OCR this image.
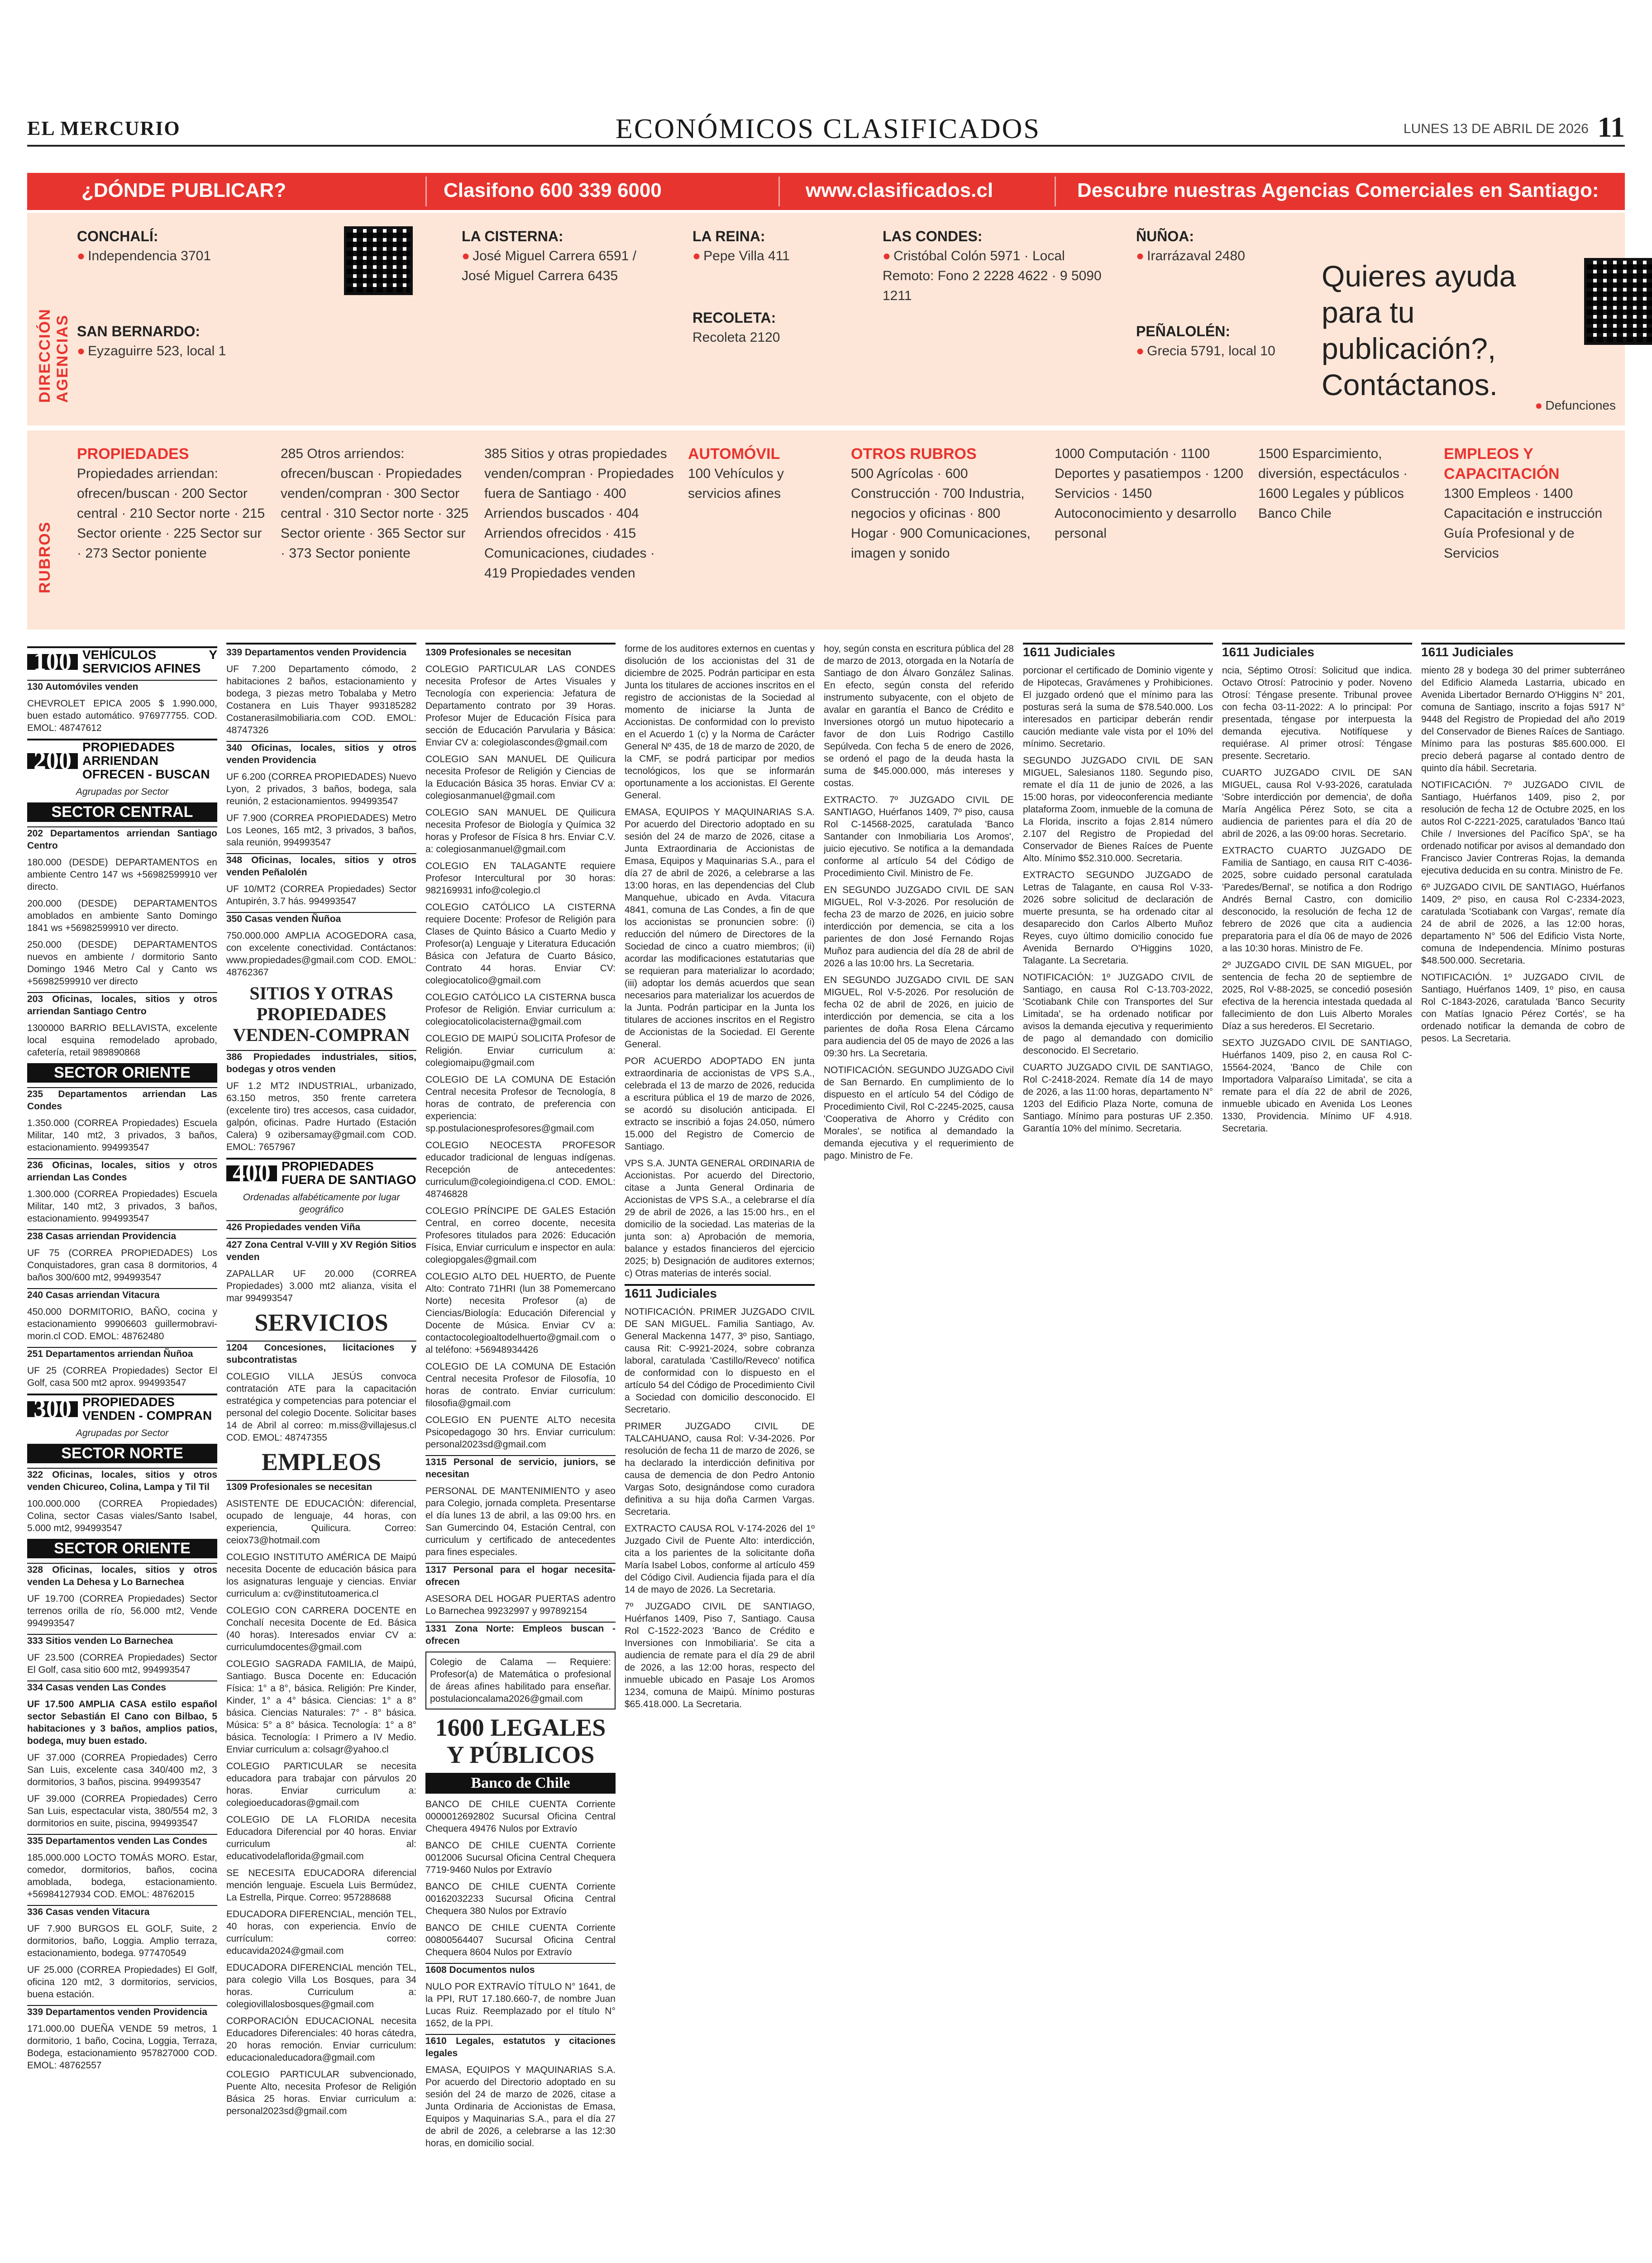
EL MERCURIO	ECONÓMICOS CLASIFICADOS	LUNES 13 DE ABRIL DE 2026 11
¿DÓNDE PUBLICAR?	Clasifono 600 339 6000	www.clasificados.cl	Descubre nuestras Agencias Comerciales en Santiago:
DIRECCIÓN AGENCIAS
CONCHALÍ:
● Independencia 3701
SAN BERNARDO:
● Eyzaguirre 523, local 1
LA CISTERNA:
● José Miguel Carrera 6591 / José Miguel Carrera 6435
LA REINA:
● Pepe Villa 411
RECOLETA:
Recoleta 2120
LAS CONDES:
● Cristóbal Colón 5971 · Local Remoto: Fono 2 2228 4622 · 9 5090 1211
ÑUÑOA:
● Irarrázaval 2480
PEÑALOLÉN:
● Grecia 5791, local 10
Quieres ayuda para tu publicación?, Contáctanos.
● Defunciones
RUBROS
PROPIEDADES
Propiedades arriendan: ofrecen/buscan · 200 Sector central · 210 Sector norte · 215 Sector oriente · 225 Sector sur · 273 Sector poniente
285 Otros arriendos: ofrecen/buscan · Propiedades venden/compran · 300 Sector central · 310 Sector norte · 325 Sector oriente · 365 Sector sur · 373 Sector poniente
385 Sitios y otras propiedades venden/compran · Propiedades fuera de Santiago · 400 Arriendos buscados · 404 Arriendos ofrecidos · 415 Comunicaciones, ciudades · 419 Propiedades venden
AUTOMÓVIL
100 Vehículos y servicios afines
OTROS RUBROS
500 Agrícolas · 600 Construcción · 700 Industria, negocios y oficinas · 800 Hogar · 900 Comunicaciones, imagen y sonido
1000 Computación · 1100 Deportes y pasatiempos · 1200 Servicios · 1450 Autoconocimiento y desarrollo personal
1500 Esparcimiento, diversión, espectáculos · 1600 Legales y públicos Banco Chile
EMPLEOS Y CAPACITACIÓN
1300 Empleos · 1400 Capacitación e instrucción Guía Profesional y de Servicios
100 VEHÍCULOS Y SERVICIOS AFINES

130 Automóviles venden

CHEVROLET EPICA 2005 $ 1.990.000, buen estado automático. 976977755. COD. EMOL: 48747612

200 PROPIEDADES ARRIENDAN OFRECEN - BUSCAN

Agrupadas por Sector

SECTOR CENTRAL

202 Departamentos arriendan Santiago Centro

180.000 (DESDE) DEPARTAMENTOS en ambiente Centro 147 ws +56982599910 ver directo.

200.000 (DESDE) DEPARTAMENTOS amoblados en ambiente Santo Domingo 1841 ws +56982599910 ver directo.

250.000 (DESDE) DEPARTAMENTOS nuevos en ambiente / dormitorio Santo Domingo 1946 Metro Cal y Canto ws +56982599910 ver directo

203 Oficinas, locales, sitios y otros arriendan Santiago Centro

1300000 BARRIO BELLAVISTA, excelente local esquina remodelado aprobado, cafetería, retail 989890868

SECTOR ORIENTE

235 Departamentos arriendan Las Condes

1.350.000 (CORREA Propiedades) Escuela Militar, 140 mt2, 3 privados, 3 baños, estacionamiento. 994993547

236 Oficinas, locales, sitios y otros arriendan Las Condes

1.300.000 (CORREA Propiedades) Escuela Militar, 140 mt2, 3 privados, 3 baños, estacionamiento. 994993547

238 Casas arriendan Providencia

UF 75 (CORREA PROPIEDADES) Los Conquistadores, gran casa 8 dormitorios, 4 baños 300/600 mt2, 994993547

240 Casas arriendan Vitacura

450.000 DORMITORIO, BAÑO, cocina y estacionamiento 99906603 guillermobravi-morin.cl COD. EMOL: 48762480

251 Departamentos arriendan Ñuñoa

UF 25 (CORREA Propiedades) Sector El Golf, casa 500 mt2 aprox. 994993547

300 PROPIEDADES VENDEN - COMPRAN

Agrupadas por Sector

SECTOR NORTE

322 Oficinas, locales, sitios y otros venden Chicureo, Colina, Lampa y Til Til

100.000.000 (CORREA Propiedades) Colina, sector Casas viales/Santo Isabel, 5.000 mt2, 994993547

SECTOR ORIENTE

328 Oficinas, locales, sitios y otros venden La Dehesa y Lo Barnechea

UF 19.700 (CORREA Propiedades) Sector terrenos orilla de río, 56.000 mt2, Vende 994993547

333 Sitios venden Lo Barnechea

UF 23.500 (CORREA Propiedades) Sector El Golf, casa sitio 600 mt2, 994993547

334 Casas venden Las Condes

UF 17.500 AMPLIA CASA estilo español sector Sebastián El Cano con Bilbao, 5 habitaciones y 3 baños, amplios patios, bodega, muy buen estado.

UF 37.000 (CORREA Propiedades) Cerro San Luis, excelente casa 340/400 m2, 3 dormitorios, 3 baños, piscina. 994993547

UF 39.000 (CORREA Propiedades) Cerro San Luis, espectacular vista, 380/554 m2, 3 dormitorios en suite, piscina, 994993547

335 Departamentos venden Las Condes

185.000.000 LOCTO TOMÁS MORO. Estar, comedor, dormitorios, baños, cocina amoblada, bodega, estacionamiento. +56984127934 COD. EMOL: 48762015

336 Casas venden Vitacura

UF 7.900 BURGOS EL GOLF, Suite, 2 dormitorios, baño, Loggia. Amplio terraza, estacionamiento, bodega. 977470549

UF 25.000 (CORREA Propiedades) El Golf, oficina 120 mt2, 3 dormitorios, servicios, buena estación.

339 Departamentos venden Providencia

171.000.00 DUEÑA VENDE 59 metros, 1 dormitorio, 1 baño, Cocina, Loggia, Terraza, Bodega, estacionamiento 957827000 COD. EMOL: 48762557

339 Departamentos venden Providencia

UF 7.200 Departamento cómodo, 2 habitaciones 2 baños, estacionamiento y bodega, 3 piezas metro Tobalaba y Metro Costanera en Luis Thayer 993185282 Costanerasilmobiliaria.com COD. EMOL: 48747326

340 Oficinas, locales, sitios y otros venden Providencia

UF 6.200 (CORREA PROPIEDADES) Nuevo Lyon, 2 privados, 3 baños, bodega, sala reunión, 2 estacionamientos. 994993547

UF 7.900 (CORREA PROPIEDADES) Metro Los Leones, 165 mt2, 3 privados, 3 baños, sala reunión, 994993547

348 Oficinas, locales, sitios y otros venden Peñalolén

UF 10/MT2 (CORREA Propiedades) Sector Antupirén, 3.7 hás. 994993547

350 Casas venden Ñuñoa

750.000.000 AMPLIA ACOGEDORA casa, con excelente conectividad. Contáctanos: www.propiedades@gmail.com COD. EMOL: 48762367

SITIOS Y OTRAS PROPIEDADES VENDEN-COMPRAN

386 Propiedades industriales, sitios, bodegas y otros venden

UF 1.2 MT2 INDUSTRIAL, urbanizado, 63.150 metros, 350 frente carretera (excelente tiro) tres accesos, casa cuidador, galpón, oficinas. Padre Hurtado (Estación Calera) 9 ozibersamay@gmail.com COD. EMOL: 7657967

400 PROPIEDADES FUERA DE SANTIAGO

Ordenadas alfabéticamente por lugar geográfico

426 Propiedades venden Viña

427 Zona Central V-VIII y XV Región Sitios venden

ZAPALLAR UF 20.000 (CORREA Propiedades) 3.000 mt2 alianza, visita el mar 994993547

SERVICIOS

1204 Concesiones, licitaciones y subcontratistas

COLEGIO VILLA JESÚS convoca contratación ATE para la capacitación estratégica y competencias para potenciar el personal del colegio Docente. Solicitar bases 14 de Abril al correo: m.miss@villajesus.cl COD. EMOL: 48747355

EMPLEOS

1309 Profesionales se necesitan

ASISTENTE DE EDUCACIÓN: diferencial, ocupado de lenguaje, 44 horas, con experiencia, Quilicura. Correo: ceiox73@hotmail.com

COLEGIO INSTITUTO AMÉRICA DE Maipú necesita Docente de educación básica para los asignaturas lenguaje y ciencias. Enviar curriculum a: cv@institutoamerica.cl

COLEGIO CON CARRERA DOCENTE en Conchalí necesita Docente de Ed. Básica (40 horas). Interesados enviar CV a: curriculumdocentes@gmail.com

COLEGIO SAGRADA FAMILIA, de Maipú, Santiago. Busca Docente en: Educación Física: 1° a 8°, básica. Religión: Pre Kinder, Kinder, 1° a 4° básica. Ciencias: 1° a 8° básica. Ciencias Naturales: 7° - 8° básica. Música: 5° a 8° básica. Tecnología: 1° a 8° básica. Tecnología: I Primero a IV Medio. Enviar curriculum a: colsagr@yahoo.cl

COLEGIO PARTICULAR se necesita educadora para trabajar con párvulos 20 horas. Enviar curriculum a: colegioeducadoras@gmail.com

COLEGIO DE LA FLORIDA necesita Educadora Diferencial por 40 horas. Enviar curriculum al: educativodelaflorida@gmail.com

SE NECESITA EDUCADORA diferencial mención lenguaje. Escuela Luis Bermúdez, La Estrella, Pirque. Correo: 957288688

EDUCADORA DIFERENCIAL, mención TEL, 40 horas, con experiencia. Envío de currículum: correo: educavida2024@gmail.com

EDUCADORA DIFERENCIAL mención TEL, para colegio Villa Los Bosques, para 34 horas. Curriculum a: colegiovillalosbosques@gmail.com

CORPORACIÓN EDUCACIONAL necesita Educadores Diferenciales: 40 horas cátedra, 20 horas remoción. Enviar curriculum: educacionaleducadora@gmail.com

COLEGIO PARTICULAR subvencionado, Puente Alto, necesita Profesor de Religión Básica 25 horas. Enviar curriculum a: personal2023sd@gmail.com

1309 Profesionales se necesitan

COLEGIO PARTICULAR LAS CONDES necesita Profesor de Artes Visuales y Tecnología con experiencia: Jefatura de Departamento contrato por 39 Horas. Profesor Mujer de Educación Física para sección de Educación Parvularia y Básica: Enviar CV a: colegiolascondes@gmail.com

COLEGIO SAN MANUEL DE Quilicura necesita Profesor de Religión y Ciencias de la Educación Básica 35 horas. Enviar CV a: colegiosanmanuel@gmail.com

COLEGIO SAN MANUEL DE Quilicura necesita Profesor de Biología y Química 32 horas y Profesor de Física 8 hrs. Enviar C.V. a: colegiosanmanuel@gmail.com

COLEGIO EN TALAGANTE requiere Profesor Intercultural por 30 horas: 982169931 info@colegio.cl

COLEGIO CATÓLICO LA CISTERNA requiere Docente: Profesor de Religión para Clases de Quinto Básico a Cuarto Medio y Profesor(a) Lenguaje y Literatura Educación Básica con Jefatura de Cuarto Básico, Contrato 44 horas. Enviar CV: colegiocatolico@gmail.com

COLEGIO CATÓLICO LA CISTERNA busca Profesor de Religión. Enviar curriculum a: colegiocatolicolacisterna@gmail.com

COLEGIO DE MAIPÚ SOLICITA Profesor de Religión. Enviar curriculum a: colegiomaipu@gmail.com

COLEGIO DE LA COMUNA DE Estación Central necesita Profesor de Tecnología, 8 horas de contrato, de preferencia con experiencia: sp.postulacionesprofesores@gmail.com

COLEGIO NEOCESTA PROFESOR educador tradicional de lenguas indígenas. Recepción de antecedentes: curriculum@colegioindigena.cl COD. EMOL: 48746828

COLEGIO PRÍNCIPE DE GALES Estación Central, en correo docente, necesita Profesores titulados para 2026: Educación Física, Enviar curriculum e inspector en aula: colegiopgales@gmail.com

COLEGIO ALTO DEL HUERTO, de Puente Alto: Contrato 71HRI (lun 38 Pomemercano Norte) necesita Profesor (a) de Ciencias/Biología: Educación Diferencial y Docente de Música. Enviar CV a: contactocolegioaltodelhuerto@gmail.com o al teléfono: +56948934426

COLEGIO DE LA COMUNA DE Estación Central necesita Profesor de Filosofía, 10 horas de contrato. Enviar curriculum: filosofia@gmail.com

COLEGIO EN PUENTE ALTO necesita Psicopedagogo 30 hrs. Enviar curriculum: personal2023sd@gmail.com

1315 Personal de servicio, juniors, se necesitan

PERSONAL DE MANTENIMIENTO y aseo para Colegio, jornada completa. Presentarse el día lunes 13 de abril, a las 09:00 hrs. en San Gumercindo 04, Estación Central, con curriculum y certificado de antecedentes para fines especiales.

1317 Personal para el hogar necesita-ofrecen

ASESORA DEL HOGAR PUERTAS adentro Lo Barnechea 99232997 y 997892154

1331 Zona Norte: Empleos buscan - ofrecen

Colegio de Calama — Requiere: Profesor(a) de Matemática o profesional de áreas afines habilitado para enseñar. postulacioncalama2026@gmail.com

1600 LEGALES Y PÚBLICOS

Banco de Chile

BANCO DE CHILE CUENTA Corriente 0000012692802 Sucursal Oficina Central Chequera 49476 Nulos por Extravío

BANCO DE CHILE CUENTA Corriente 0012006 Sucursal Oficina Central Chequera 7719-9460 Nulos por Extravío

BANCO DE CHILE CUENTA Corriente 00162032233 Sucursal Oficina Central Chequera 380 Nulos por Extravío

BANCO DE CHILE CUENTA Corriente 00800564407 Sucursal Oficina Central Chequera 8604 Nulos por Extravío

1608 Documentos nulos

NULO POR EXTRAVÍO TÍTULO N° 1641, de la PPI, RUT 17.180.660-7, de nombre Juan Lucas Ruiz. Reemplazado por el título N° 1652, de la PPI.

1610 Legales, estatutos y citaciones legales

EMASA, EQUIPOS Y MAQUINARIAS S.A. Por acuerdo del Directorio adoptado en su sesión del 24 de marzo de 2026, citase a Junta Ordinaria de Accionistas de Emasa, Equipos y Maquinarias S.A., para el día 27 de abril de 2026, a celebrarse a las 12:30 horas, en domicilio social.

forme de los auditores externos en cuentas y disolución de los accionistas del 31 de diciembre de 2025. Podrán participar en esta Junta los titulares de acciones inscritos en el registro de accionistas de la Sociedad al momento de iniciarse la Junta de Accionistas. De conformidad con lo previsto en el Acuerdo 1 (c) y la Norma de Carácter General Nº 435, de 18 de marzo de 2020, de la CMF, se podrá participar por medios tecnológicos, los que se informarán oportunamente a los accionistas. El Gerente General.

EMASA, EQUIPOS Y MAQUINARIAS S.A. Por acuerdo del Directorio adoptado en su sesión del 24 de marzo de 2026, citase a Junta Extraordinaria de Accionistas de Emasa, Equipos y Maquinarias S.A., para el día 27 de abril de 2026, a celebrarse a las 13:00 horas, en las dependencias del Club Manquehue, ubicado en Avda. Vitacura 4841, comuna de Las Condes, a fin de que los accionistas se pronuncien sobre: (i) reducción del número de Directores de la Sociedad de cinco a cuatro miembros; (ii) acordar las modificaciones estatutarias que se requieran para materializar lo acordado; (iii) adoptar los demás acuerdos que sean necesarios para materializar los acuerdos de la Junta. Podrán participar en la Junta los titulares de acciones inscritos en el Registro de Accionistas de la Sociedad. El Gerente General.

POR ACUERDO ADOPTADO EN junta extraordinaria de accionistas de VPS S.A., celebrada el 13 de marzo de 2026, reducida a escritura pública el 19 de marzo de 2026, se acordó su disolución anticipada. El extracto se inscribió a fojas 24.050, número 15.000 del Registro de Comercio de Santiago.

VPS S.A. JUNTA GENERAL ORDINARIA de Accionistas. Por acuerdo del Directorio, citase a Junta General Ordinaria de Accionistas de VPS S.A., a celebrarse el día 29 de abril de 2026, a las 15:00 hrs., en el domicilio de la sociedad. Las materias de la junta son: a) Aprobación de memoria, balance y estados financieros del ejercicio 2025; b) Designación de auditores externos; c) Otras materias de interés social.

1611 Judiciales

NOTIFICACIÓN. PRIMER JUZGADO CIVIL DE SAN MIGUEL. Familia Santiago, Av. General Mackenna 1477, 3º piso, Santiago, causa Rit: C-9921-2024, sobre cobranza laboral, caratulada 'Castillo/Reveco' notifica de conformidad con lo dispuesto en el artículo 54 del Código de Procedimiento Civil a Sociedad con domicilio desconocido. El Secretario.

PRIMER JUZGADO CIVIL DE TALCAHUANO, causa Rol: V-34-2026. Por resolución de fecha 11 de marzo de 2026, se ha declarado la interdicción definitiva por causa de demencia de don Pedro Antonio Vargas Soto, designándose como curadora definitiva a su hija doña Carmen Vargas. Secretaria.

EXTRACTO CAUSA ROL V-174-2026 del 1º Juzgado Civil de Puente Alto: interdicción, cita a los parientes de la solicitante doña María Isabel Lobos, conforme al artículo 459 del Código Civil. Audiencia fijada para el día 14 de mayo de 2026. La Secretaria.

7º JUZGADO CIVIL DE SANTIAGO, Huérfanos 1409, Piso 7, Santiago. Causa Rol C-1522-2023 'Banco de Crédito e Inversiones con Inmobiliaria'. Se cita a audiencia de remate para el día 29 de abril de 2026, a las 12:00 horas, respecto del inmueble ubicado en Pasaje Los Aromos 1234, comuna de Maipú. Mínimo posturas $65.418.000. La Secretaria.

hoy, según consta en escritura pública del 28 de marzo de 2013, otorgada en la Notaría de Santiago de don Álvaro González Salinas. En efecto, según consta del referido instrumento subyacente, con el objeto de avalar en garantía el Banco de Crédito e Inversiones otorgó un mutuo hipotecario a favor de don Luis Rodrigo Castillo Sepúlveda. Con fecha 5 de enero de 2026, se ordenó el pago de la deuda hasta la suma de $45.000.000, más intereses y costas.

EXTRACTO. 7º JUZGADO CIVIL DE SANTIAGO, Huérfanos 1409, 7º piso, causa Rol C-14568-2025, caratulada 'Banco Santander con Inmobiliaria Los Aromos', juicio ejecutivo. Se notifica a la demandada conforme al artículo 54 del Código de Procedimiento Civil. Ministro de Fe.

EN SEGUNDO JUZGADO CIVIL DE SAN MIGUEL, Rol V-3-2026. Por resolución de fecha 23 de marzo de 2026, en juicio sobre interdicción por demencia, se cita a los parientes de don José Fernando Rojas Muñoz para audiencia del día 28 de abril de 2026 a las 10:00 hrs. La Secretaria.

EN SEGUNDO JUZGADO CIVIL DE SAN MIGUEL, Rol V-5-2026. Por resolución de fecha 02 de abril de 2026, en juicio de interdicción por demencia, se cita a los parientes de doña Rosa Elena Cárcamo para audiencia del 05 de mayo de 2026 a las 09:30 hrs. La Secretaria.

NOTIFICACIÓN. SEGUNDO JUZGADO Civil de San Bernardo. En cumplimiento de lo dispuesto en el artículo 54 del Código de Procedimiento Civil, Rol C-2245-2025, causa 'Cooperativa de Ahorro y Crédito con Morales', se notifica al demandado la demanda ejecutiva y el requerimiento de pago. Ministro de Fe.

1611 Judiciales

porcionar el certificado de Dominio vigente y de Hipotecas, Gravámenes y Prohibiciones. El juzgado ordenó que el mínimo para las posturas será la suma de $78.540.000. Los interesados en participar deberán rendir caución mediante vale vista por el 10% del mínimo. Secretario.

SEGUNDO JUZGADO CIVIL DE SAN MIGUEL, Salesianos 1180. Segundo piso, remate el día 11 de junio de 2026, a las 15:00 horas, por videoconferencia mediante plataforma Zoom, inmueble de la comuna de La Florida, inscrito a fojas 2.814 número 2.107 del Registro de Propiedad del Conservador de Bienes Raíces de Puente Alto. Mínimo $52.310.000. Secretaria.

EXTRACTO SEGUNDO JUZGADO de Letras de Talagante, en causa Rol V-33-2026 sobre solicitud de declaración de muerte presunta, se ha ordenado citar al desaparecido don Carlos Alberto Muñoz Reyes, cuyo último domicilio conocido fue Avenida Bernardo O'Higgins 1020, Talagante. La Secretaria.

NOTIFICACIÓN: 1º JUZGADO CIVIL de Santiago, en causa Rol C-13.703-2022, 'Scotiabank Chile con Transportes del Sur Limitada', se ha ordenado notificar por avisos la demanda ejecutiva y requerimiento de pago al demandado con domicilio desconocido. El Secretario.

CUARTO JUZGADO CIVIL DE SANTIAGO, Rol C-2418-2024. Remate día 14 de mayo de 2026, a las 11:00 horas, departamento N° 1203 del Edificio Plaza Norte, comuna de Santiago. Mínimo para posturas UF 2.350. Garantía 10% del mínimo. Secretaria.

1611 Judiciales

ncia, Séptimo Otrosí: Solicitud que indica. Octavo Otrosí: Patrocinio y poder. Noveno Otrosí: Téngase presente. Tribunal provee con fecha 03-11-2022: A lo principal: Por presentada, téngase por interpuesta la demanda ejecutiva. Notifíquese y requiérase. Al primer otrosí: Téngase presente. Secretario.

CUARTO JUZGADO CIVIL DE SAN MIGUEL, causa Rol V-93-2026, caratulada 'Sobre interdicción por demencia', de doña María Angélica Pérez Soto, se cita a audiencia de parientes para el día 20 de abril de 2026, a las 09:00 horas. Secretario.

EXTRACTO CUARTO JUZGADO DE Familia de Santiago, en causa RIT C-4036-2025, sobre cuidado personal caratulada 'Paredes/Bernal', se notifica a don Rodrigo Andrés Bernal Castro, con domicilio desconocido, la resolución de fecha 12 de febrero de 2026 que cita a audiencia preparatoria para el día 06 de mayo de 2026 a las 10:30 horas. Ministro de Fe.

2º JUZGADO CIVIL DE SAN MIGUEL, por sentencia de fecha 20 de septiembre de 2025, Rol V-88-2025, se concedió posesión efectiva de la herencia intestada quedada al fallecimiento de don Luis Alberto Morales Díaz a sus herederos. El Secretario.

SEXTO JUZGADO CIVIL DE SANTIAGO, Huérfanos 1409, piso 2, en causa Rol C-15564-2024, 'Banco de Chile con Importadora Valparaíso Limitada', se cita a remate para el día 22 de abril de 2026, inmueble ubicado en Avenida Los Leones 1330, Providencia. Mínimo UF 4.918. Secretaria.

1611 Judiciales

miento 28 y bodega 30 del primer subterráneo del Edificio Alameda Lastarria, ubicado en Avenida Libertador Bernardo O'Higgins N° 201, comuna de Santiago, inscrito a fojas 5917 N° 9448 del Registro de Propiedad del año 2019 del Conservador de Bienes Raíces de Santiago. Mínimo para las posturas $85.600.000. El precio deberá pagarse al contado dentro de quinto día hábil. Secretaria.

NOTIFICACIÓN. 7º JUZGADO CIVIL de Santiago, Huérfanos 1409, piso 2, por resolución de fecha 12 de Octubre 2025, en los autos Rol C-2221-2025, caratulados 'Banco Itaú Chile / Inversiones del Pacífico SpA', se ha ordenado notificar por avisos al demandado don Francisco Javier Contreras Rojas, la demanda ejecutiva deducida en su contra. Ministro de Fe.

6º JUZGADO CIVIL DE SANTIAGO, Huérfanos 1409, 2º piso, en causa Rol C-2334-2023, caratulada 'Scotiabank con Vargas', remate día 24 de abril de 2026, a las 12:00 horas, departamento N° 506 del Edificio Vista Norte, comuna de Independencia. Mínimo posturas $48.500.000. Secretaria.

NOTIFICACIÓN. 1º JUZGADO CIVIL de Santiago, Huérfanos 1409, 1º piso, en causa Rol C-1843-2026, caratulada 'Banco Security con Matías Ignacio Pérez Cortés', se ha ordenado notificar la demanda de cobro de pesos. La Secretaria.
